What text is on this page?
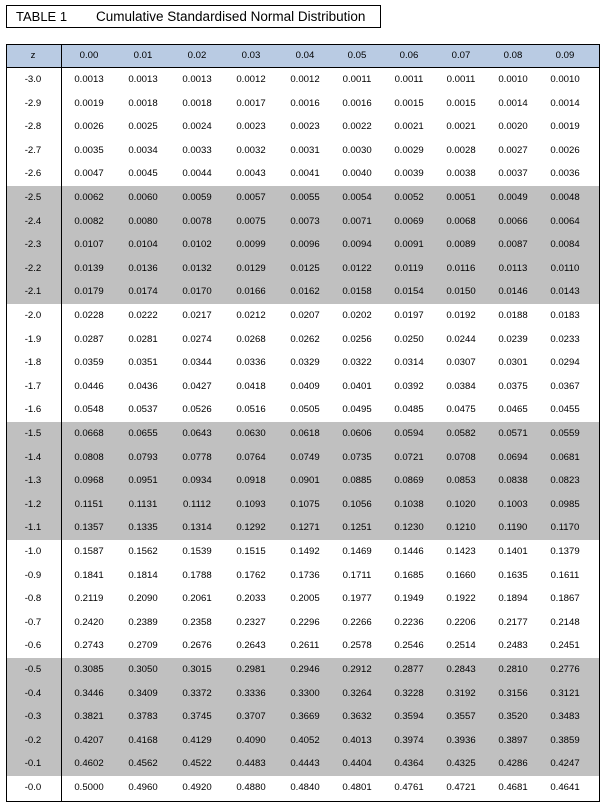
TABLE 1	Cumulative Standardised Normal Distribution
z	0.00	0.01	0.02	0.03	0.04	0.05	0.06	0.07	0.08	0.09
-3.0	0.0013	0.0013	0.0013	0.0012	0.0012	0.0011	0.0011	0.0011	0.0010	0.0010
-2.9	0.0019	0.0018	0.0018	0.0017	0.0016	0.0016	0.0015	0.0015	0.0014	0.0014
-2.8	0.0026	0.0025	0.0024	0.0023	0.0023	0.0022	0.0021	0.0021	0.0020	0.0019
-2.7	0.0035	0.0034	0.0033	0.0032	0.0031	0.0030	0.0029	0.0028	0.0027	0.0026
-2.6	0.0047	0.0045	0.0044	0.0043	0.0041	0.0040	0.0039	0.0038	0.0037	0.0036
-2.5	0.0062	0.0060	0.0059	0.0057	0.0055	0.0054	0.0052	0.0051	0.0049	0.0048
-2.4	0.0082	0.0080	0.0078	0.0075	0.0073	0.0071	0.0069	0.0068	0.0066	0.0064
-2.3	0.0107	0.0104	0.0102	0.0099	0.0096	0.0094	0.0091	0.0089	0.0087	0.0084
-2.2	0.0139	0.0136	0.0132	0.0129	0.0125	0.0122	0.0119	0.0116	0.0113	0.0110
-2.1	0.0179	0.0174	0.0170	0.0166	0.0162	0.0158	0.0154	0.0150	0.0146	0.0143
-2.0	0.0228	0.0222	0.0217	0.0212	0.0207	0.0202	0.0197	0.0192	0.0188	0.0183
-1.9	0.0287	0.0281	0.0274	0.0268	0.0262	0.0256	0.0250	0.0244	0.0239	0.0233
-1.8	0.0359	0.0351	0.0344	0.0336	0.0329	0.0322	0.0314	0.0307	0.0301	0.0294
-1.7	0.0446	0.0436	0.0427	0.0418	0.0409	0.0401	0.0392	0.0384	0.0375	0.0367
-1.6	0.0548	0.0537	0.0526	0.0516	0.0505	0.0495	0.0485	0.0475	0.0465	0.0455
-1.5	0.0668	0.0655	0.0643	0.0630	0.0618	0.0606	0.0594	0.0582	0.0571	0.0559
-1.4	0.0808	0.0793	0.0778	0.0764	0.0749	0.0735	0.0721	0.0708	0.0694	0.0681
-1.3	0.0968	0.0951	0.0934	0.0918	0.0901	0.0885	0.0869	0.0853	0.0838	0.0823
-1.2	0.1151	0.1131	0.1112	0.1093	0.1075	0.1056	0.1038	0.1020	0.1003	0.0985
-1.1	0.1357	0.1335	0.1314	0.1292	0.1271	0.1251	0.1230	0.1210	0.1190	0.1170
-1.0	0.1587	0.1562	0.1539	0.1515	0.1492	0.1469	0.1446	0.1423	0.1401	0.1379
-0.9	0.1841	0.1814	0.1788	0.1762	0.1736	0.1711	0.1685	0.1660	0.1635	0.1611
-0.8	0.2119	0.2090	0.2061	0.2033	0.2005	0.1977	0.1949	0.1922	0.1894	0.1867
-0.7	0.2420	0.2389	0.2358	0.2327	0.2296	0.2266	0.2236	0.2206	0.2177	0.2148
-0.6	0.2743	0.2709	0.2676	0.2643	0.2611	0.2578	0.2546	0.2514	0.2483	0.2451
-0.5	0.3085	0.3050	0.3015	0.2981	0.2946	0.2912	0.2877	0.2843	0.2810	0.2776
-0.4	0.3446	0.3409	0.3372	0.3336	0.3300	0.3264	0.3228	0.3192	0.3156	0.3121
-0.3	0.3821	0.3783	0.3745	0.3707	0.3669	0.3632	0.3594	0.3557	0.3520	0.3483
-0.2	0.4207	0.4168	0.4129	0.4090	0.4052	0.4013	0.3974	0.3936	0.3897	0.3859
-0.1	0.4602	0.4562	0.4522	0.4483	0.4443	0.4404	0.4364	0.4325	0.4286	0.4247
-0.0	0.5000	0.4960	0.4920	0.4880	0.4840	0.4801	0.4761	0.4721	0.4681	0.4641
